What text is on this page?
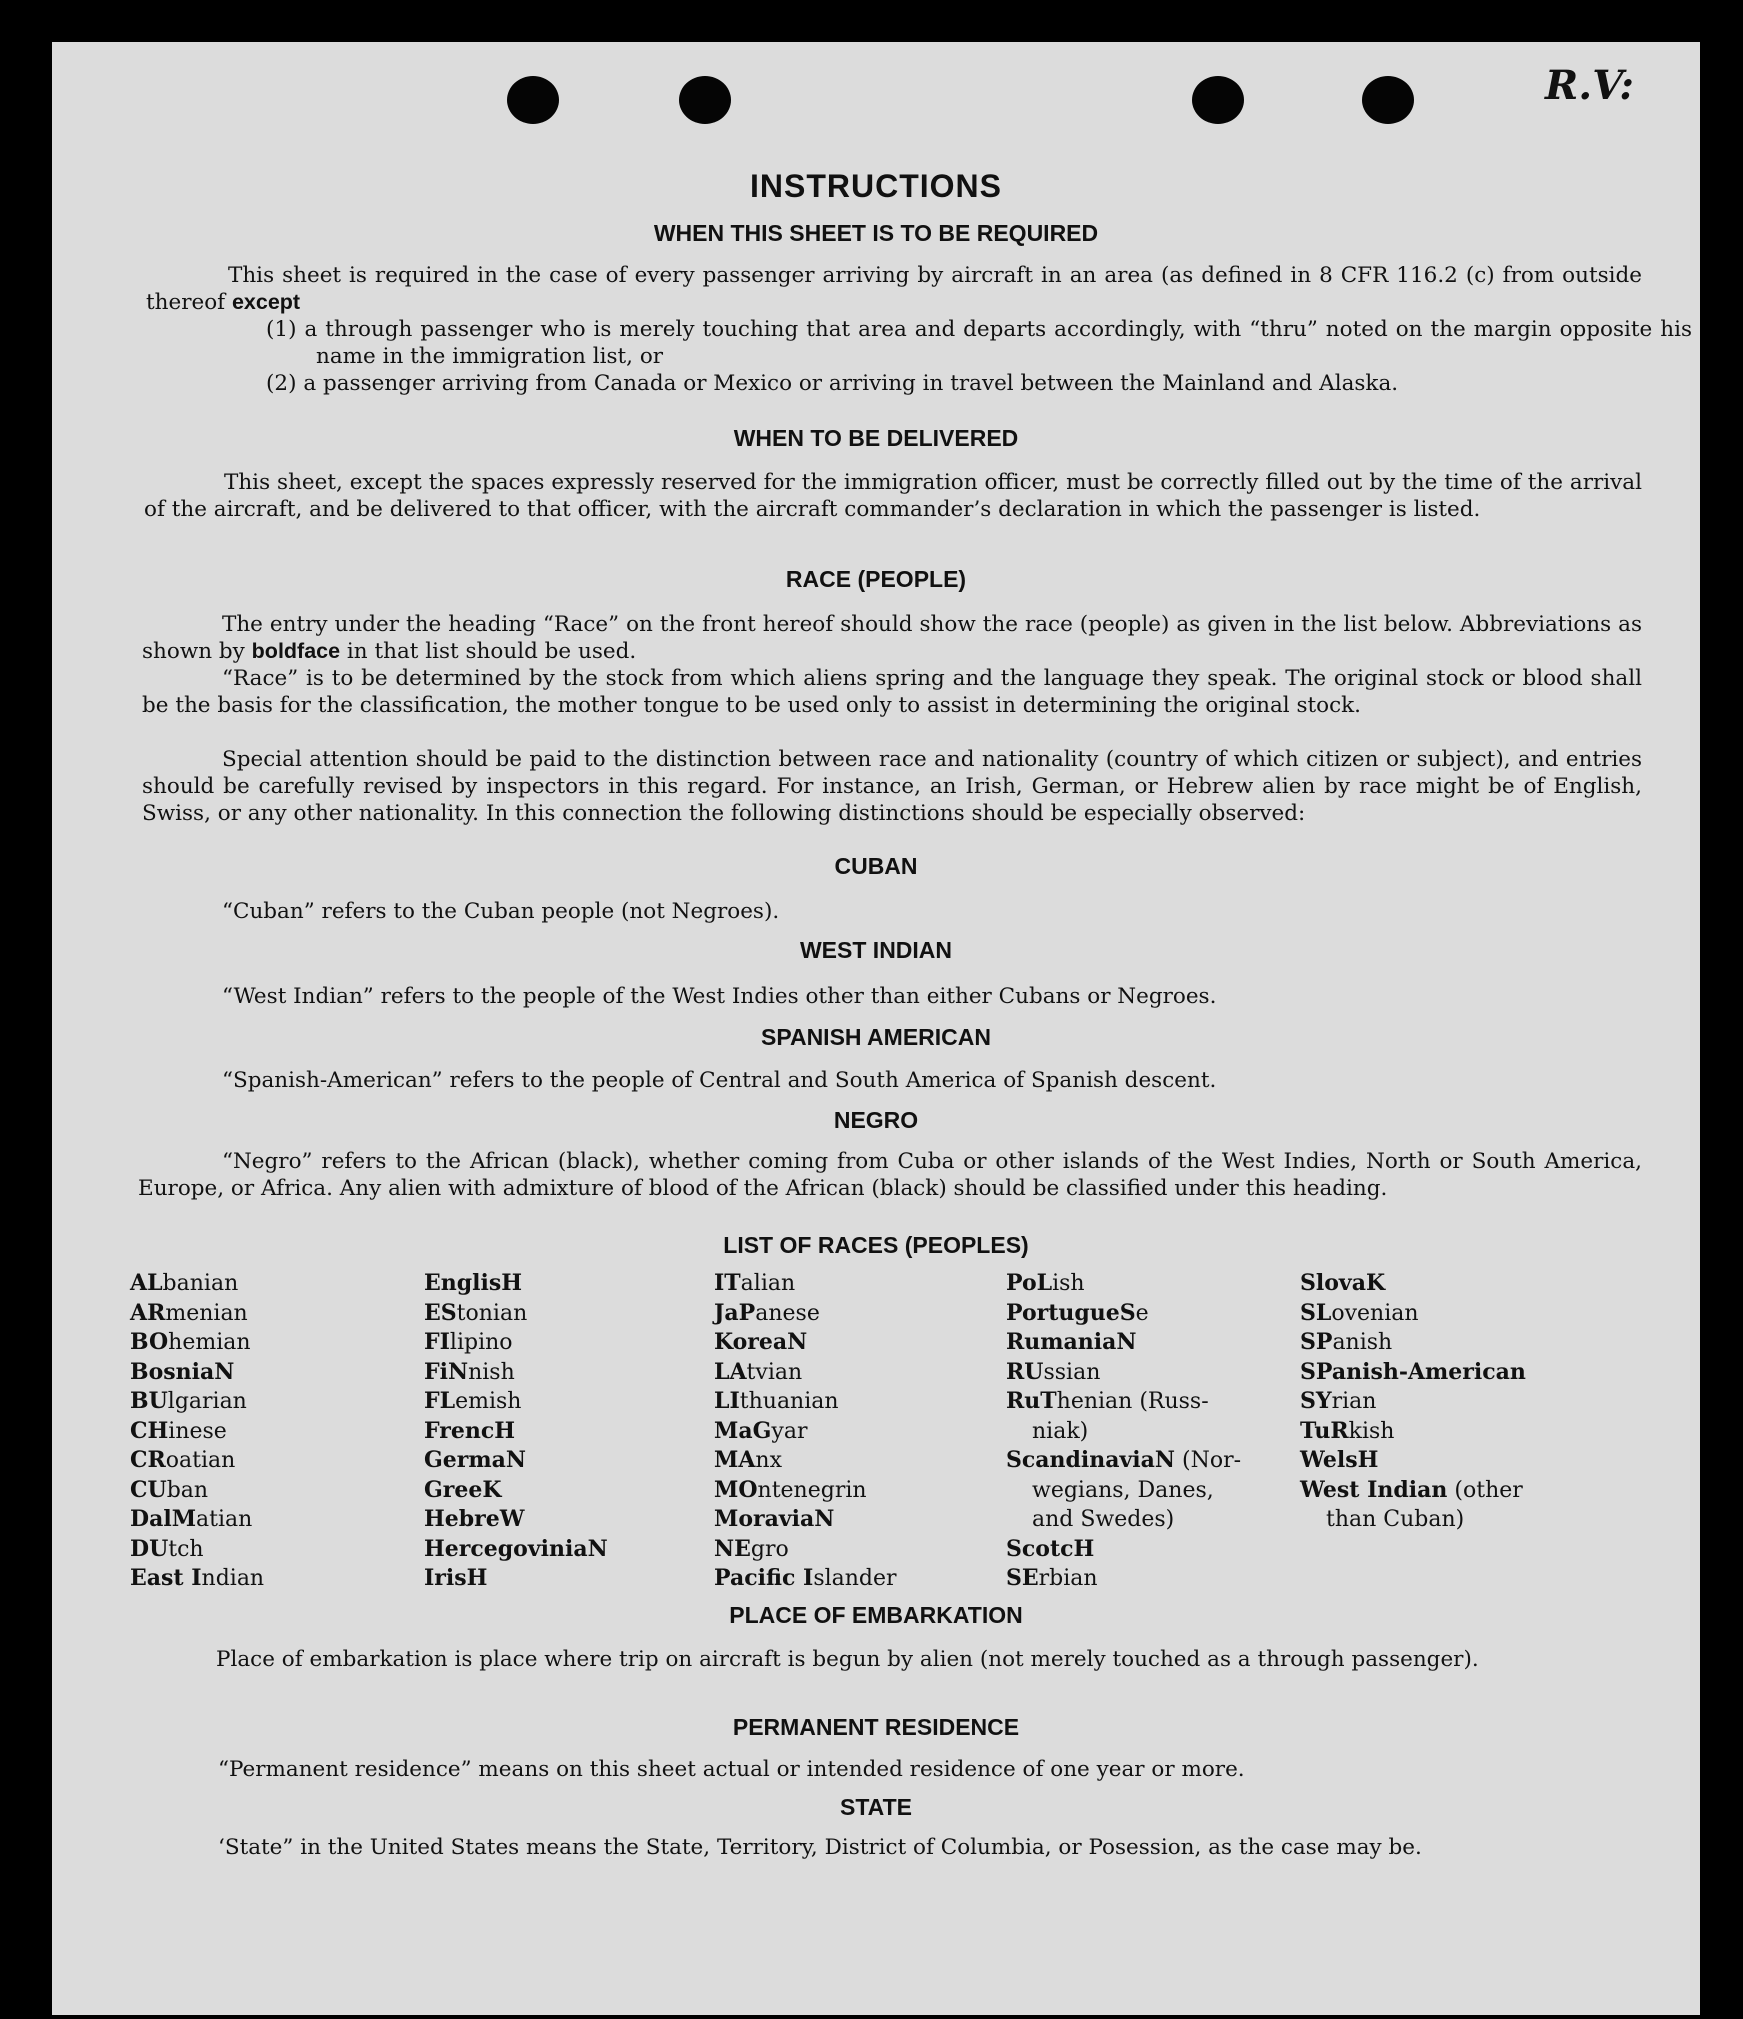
R.V:
INSTRUCTIONS
WHEN THIS SHEET IS TO BE REQUIRED
This sheet is required in the case of every passenger arriving by aircraft in an area (as defined in 8 CFR 116.2 (c) from outside thereof except
(1) a through passenger who is merely touching that area and departs accordingly, with “thru” noted on the margin opposite his name in the immigration list, or
(2) a passenger arriving from Canada or Mexico or arriving in travel between the Mainland and Alaska.
WHEN TO BE DELIVERED
This sheet, except the spaces expressly reserved for the immigration officer, must be correctly filled out by the time of the arrival of the aircraft, and be delivered to that officer, with the aircraft commander’s declaration in which the passenger is listed.
RACE (PEOPLE)
The entry under the heading “Race” on the front hereof should show the race (people) as given in the list below. Abbreviations as shown by boldface in that list should be used.
“Race” is to be determined by the stock from which aliens spring and the language they speak. The original stock or blood shall be the basis for the classification, the mother tongue to be used only to assist in determining the original stock.
Special attention should be paid to the distinction between race and nationality (country of which citizen or subject), and entries should be carefully revised by inspectors in this regard. For instance, an Irish, German, or Hebrew alien by race might be of English, Swiss, or any other nationality. In this connection the following distinctions should be especially observed:
CUBAN
“Cuban” refers to the Cuban people (not Negroes).
WEST INDIAN
“West Indian” refers to the people of the West Indies other than either Cubans or Negroes.
SPANISH AMERICAN
“Spanish-American” refers to the people of Central and South America of Spanish descent.
NEGRO
“Negro” refers to the African (black), whether coming from Cuba or other islands of the West Indies, North or South America, Europe, or Africa. Any alien with admixture of blood of the African (black) should be classified under this heading.
LIST OF RACES (PEOPLES)
ALbanian
ARmenian
BOhemian
BosniaN
BUlgarian
CHinese
CRoatian
CUban
DalMatian
DUtch
East Indian
EnglisH
EStonian
FIlipino
FiNnish
FLemish
FrencH
GermaN
GreeK
HebreW
HercegoviniaN
IrisH
ITalian
JaPanese
KoreaN
LAtvian
LIthuanian
MaGyar
MAnx
MOntenegrin
MoraviaN
NEgro
Pacific Islander
PoLish
PortugueSe
RumaniaN
RUssian
RuThenian (Russ-
niak)
ScandinaviaN (Nor-
wegians, Danes,
and Swedes)
ScotcH
SErbian
SlovaK
SLovenian
SPanish
SPanish-American
SYrian
TuRkish
WelsH
West Indian (other
than Cuban)
PLACE OF EMBARKATION
Place of embarkation is place where trip on aircraft is begun by alien (not merely touched as a through passenger).
PERMANENT RESIDENCE
“Permanent residence” means on this sheet actual or intended residence of one year or more.
STATE
‘State” in the United States means the State, Territory, District of Columbia, or Posession, as the case may be.
